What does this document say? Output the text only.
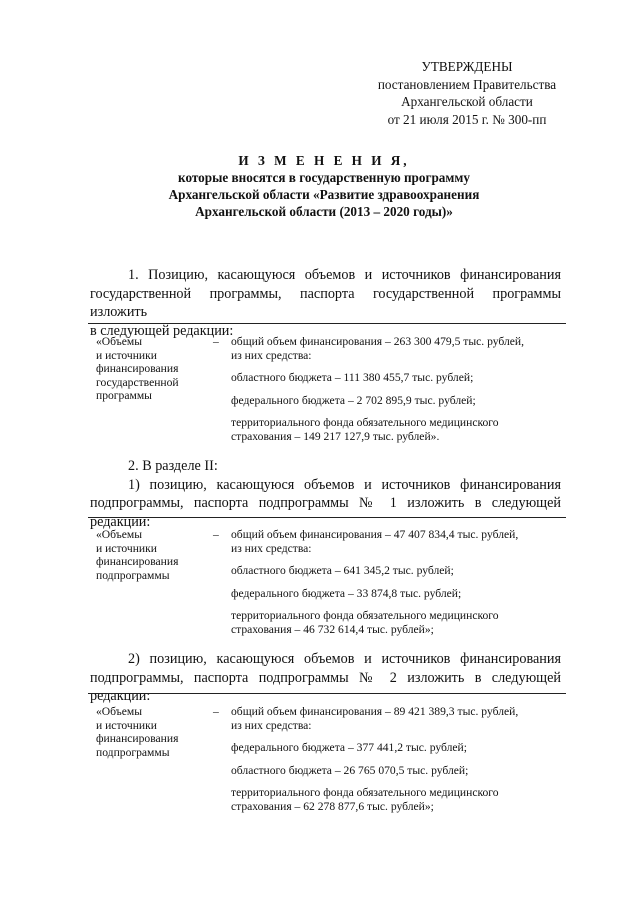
УТВЕРЖДЕНЫ
постановлением Правительства
Архангельской области
от 21 июля 2015 г. № 300-пп
И З М Е Н Е Н И Я,
которые вносятся в государственную программу
Архангельской области «Развитие здравоохранения
Архангельской области (2013 – 2020 годы)»
1. Позицию, касающуюся объемов и источников финансирования
государственной программы, паспорта государственной программы изложить
в следующей редакции:
«Объемы
и источники
финансирования
государственной
программы
– общий объем финансирования – 263 300 479,5 тыс. рублей,
из них средства:
областного бюджета – 111 380 455,7 тыс. рублей;
федерального бюджета – 2 702 895,9 тыс. рублей;
территориального фонда обязательного медицинского
страхования – 149 217 127,9 тыс. рублей».
2. В разделе II:
1) позицию, касающуюся объемов и источников финансирования
подпрограммы, паспорта подпрограммы № 1 изложить в следующей редакции:
«Объемы
и источники
финансирования
подпрограммы
– общий объем финансирования – 47 407 834,4 тыс. рублей,
из них средства:
областного бюджета – 641 345,2 тыс. рублей;
федерального бюджета – 33 874,8 тыс. рублей;
территориального фонда обязательного медицинского
страхования – 46 732 614,4 тыс. рублей»;
2) позицию, касающуюся объемов и источников финансирования
подпрограммы, паспорта подпрограммы № 2 изложить в следующей редакции:
«Объемы
и источники
финансирования
подпрограммы
– общий объем финансирования – 89 421 389,3 тыс. рублей,
из них средства:
федерального бюджета – 377 441,2 тыс. рублей;
областного бюджета – 26 765 070,5 тыс. рублей;
территориального фонда обязательного медицинского
страхования – 62 278 877,6 тыс. рублей»;
